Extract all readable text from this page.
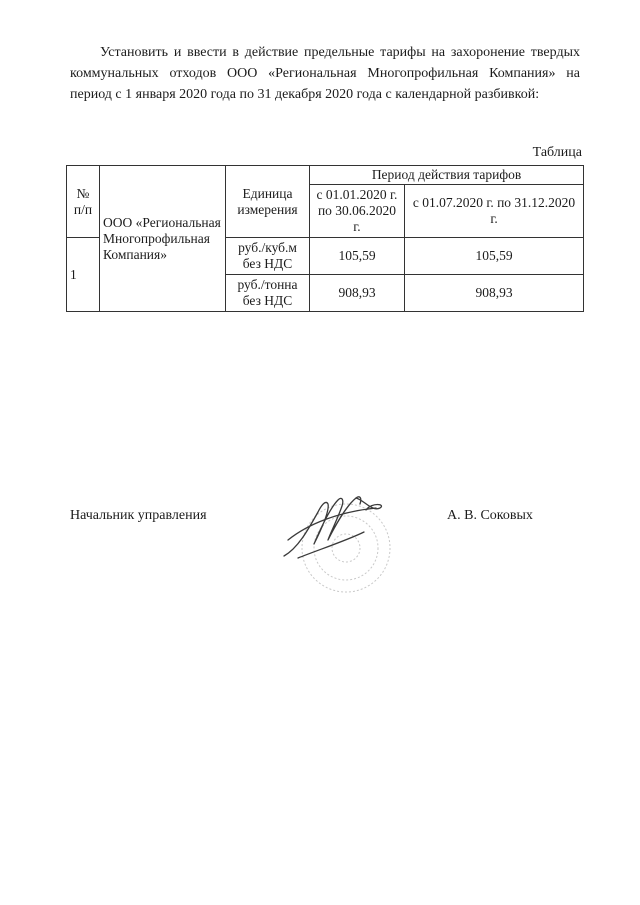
Установить и ввести в действие предельные тарифы на захоронение твердых коммунальных отходов ООО «Региональная Многопрофильная Компания» на период с 1 января 2020 года по 31 декабря 2020 года с календарной разбивкой:

Таблица
№ п/п	ООО «Региональная Многопрофильная Компания»	Единица измерения	Период действия тарифов	
			с 01.01.2020 г. по 30.06.2020 г.	с 01.07.2020 г. по 31.12.2020 г.
1		руб./куб.м без НДС	105,59	105,59
		руб./тонна без НДС	908,93	908,93
Начальник управления	А. В. Соковых
